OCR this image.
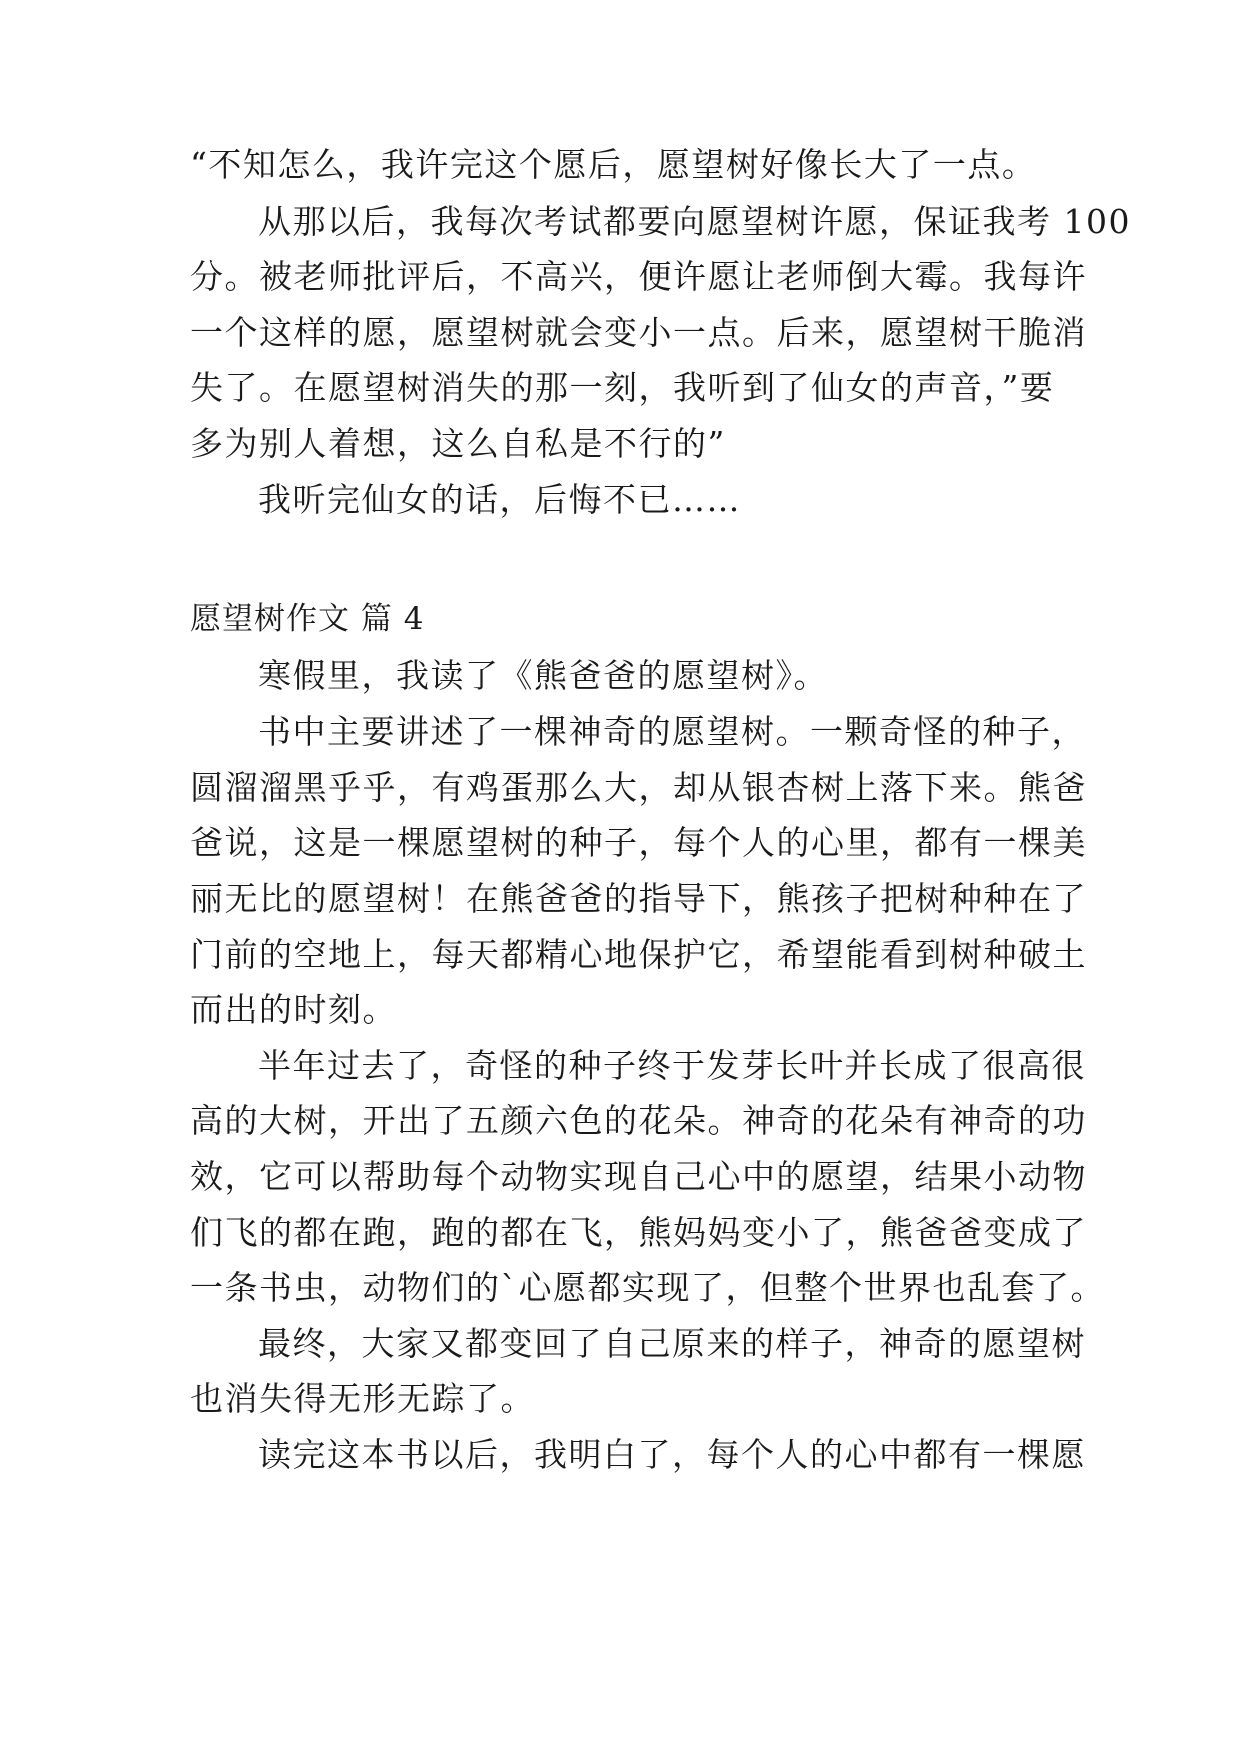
“不知怎么，我许完这个愿后，愿望树好像长大了一点。
从那以后，我每次考试都要向愿望树许愿，保证我考 100
分。被老师批评后，不高兴，便许愿让老师倒大霉。我每许
一个这样的愿，愿望树就会变小一点。后来，愿望树干脆消
失了。在愿望树消失的那一刻，我听到了仙女的声音，”要
多为别人着想，这么自私是不行的”
我听完仙女的话，后悔不已……
愿望树作文 篇 4
寒假里，我读了《熊爸爸的愿望树》。
书中主要讲述了一棵神奇的愿望树。一颗奇怪的种子，
圆溜溜黑乎乎，有鸡蛋那么大，却从银杏树上落下来。熊爸
爸说，这是一棵愿望树的种子，每个人的心里，都有一棵美
丽无比的愿望树！在熊爸爸的指导下，熊孩子把树种种在了
门前的空地上，每天都精心地保护它，希望能看到树种破土
而出的时刻。
半年过去了，奇怪的种子终于发芽长叶并长成了很高很
高的大树，开出了五颜六色的花朵。神奇的花朵有神奇的功
效，它可以帮助每个动物实现自己心中的愿望，结果小动物
们飞的都在跑，跑的都在飞，熊妈妈变小了，熊爸爸变成了
一条书虫，动物们的`心愿都实现了，但整个世界也乱套了。
最终，大家又都变回了自己原来的样子，神奇的愿望树
也消失得无形无踪了。
读完这本书以后，我明白了，每个人的心中都有一棵愿
